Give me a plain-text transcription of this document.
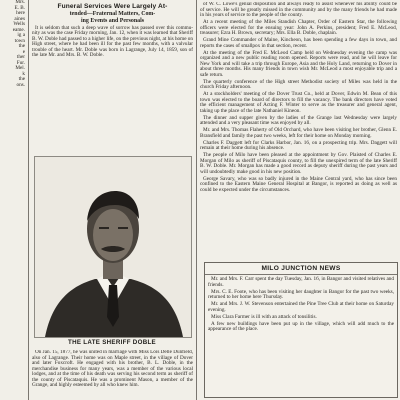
Mrs.
E. B.
here
aines
Wells
eame.
ig a
town
the
e
ther
Fur.
Mel.
k
the
ons.
Funeral Services Were Largely At-
tended—Fraternal Matters, Com-
ing Events and Personals

It is seldom that such a deep wave of sorrow has passed over this commu- nity as was the case Friday morning, Jan. 12, when it was learned that Sheriff B. W. Doble had passed to a higher life, on the previous night, at his home on High street, where he had been ill for the past few months, with a valvular trouble of the heart. Mr. Doble was born in Lagrange, July 14, 1859, son of the late Mr. and Mrs. B. W. Doble.

THE LATE SHERIFF DOBLE

On Jan. 15, 1877, he was united in marriage with Miss Lois Delle Dunfield, also of Lagrange. Their home was on Maple street, in the village of Dover and later Foxcroft. He engaged with his brother, B. L. Doble, in the merchandise business for many years, was a member of the various local lodges, and at the time of his death was serving his second term as sheriff of the county of Piscataquis. He was a prominent Mason, a member of the Grange, and highly esteemed by all who knew him.

of W. C. Lowe's genial disposition and always ready to assist whenever his ability could be of service. He will be greatly missed in the community and by the many friends he had made in his years of service to the people of the county.

At a recent meeting of the Miles Standish Chapter, Order of Eastern Star, the following officers were elected for the ensuing year: John A. Perkins, president; Fred E. McLeod, treasurer; Ezra H. Brown, secretary; Mrs. Ella B. Doble, chaplain.

Grand Mine Commander of Maine, Kincheon, has been spending a few days in town, and reports the cases of smallpox in that section, recent.

At the meeting of the Fred E. McLeod Camp held on Wednesday evening the camp was organized and a new public reading room opened. Reports were read, and he will leave for New York and will take a trip through Europe, Asia and the Holy Land, returning to Dover in about three months. His many friends in town wish Mr. McLeod a most enjoyable trip and a safe return.

The quarterly conference of the High street Methodist society of Miles was held in the church Friday afternoon.

At a stockholders' meeting of the Dover Trust Co., held at Dover, Edwin M. Bean of this town was elected to the board of directors to fill the vacancy. The bank directors have voted the efficient management of Acting F. Winter to serve as the treasurer and general agent, taking up the place of the late Nathaniel Kineon.

The dinner and supper given by the ladies of the Grange last Wednesday were largely attended and a very pleasant time was enjoyed by all.

Mr. and Mrs. Thomas Flaherty of Old Orchard, who have been visiting her brother, Glenn E. Bransfield and family the past two weeks, left for their home on Monday morning.

Charles F. Daggett left for Clarks Harbor, Jan. 16, on a prospecting trip. Mrs. Daggett will remain at their home during his absence.

The people of Milo have been pleased at the appointment by Gov. Plaisted of Charles E. Morgan of Milo as sheriff of Piscataquis county, to fill the unexpired term of the late Sheriff B. W. Doble. Mr. Morgan has made a good record as deputy sheriff during the past years and will undoubtedly make good in his new position.

George Savary, who was so badly injured in the Maine Central yard, who has since been confined to the Eastern Maine General Hospital at Bangor, is reported as doing as well as could be expected under the circumstances.

MILO JUNCTION NEWS

Mr. and Mrs. F. Carr spent the day Tuesday, Jan. 16, in Bangor and visited relatives and friends.

Mrs. C. E. Foote, who has been visiting her daughter in Bangor for the past two weeks, returned to her home here Thursday.

Mr. and Mrs. J. W. Stevenson entertained the Pine Tree Club at their home on Saturday evening.

Miss Clara Farmer is ill with an attack of tonsilitis.

A few new buildings have been put up in the village, which will add much to the appearance of the place.
